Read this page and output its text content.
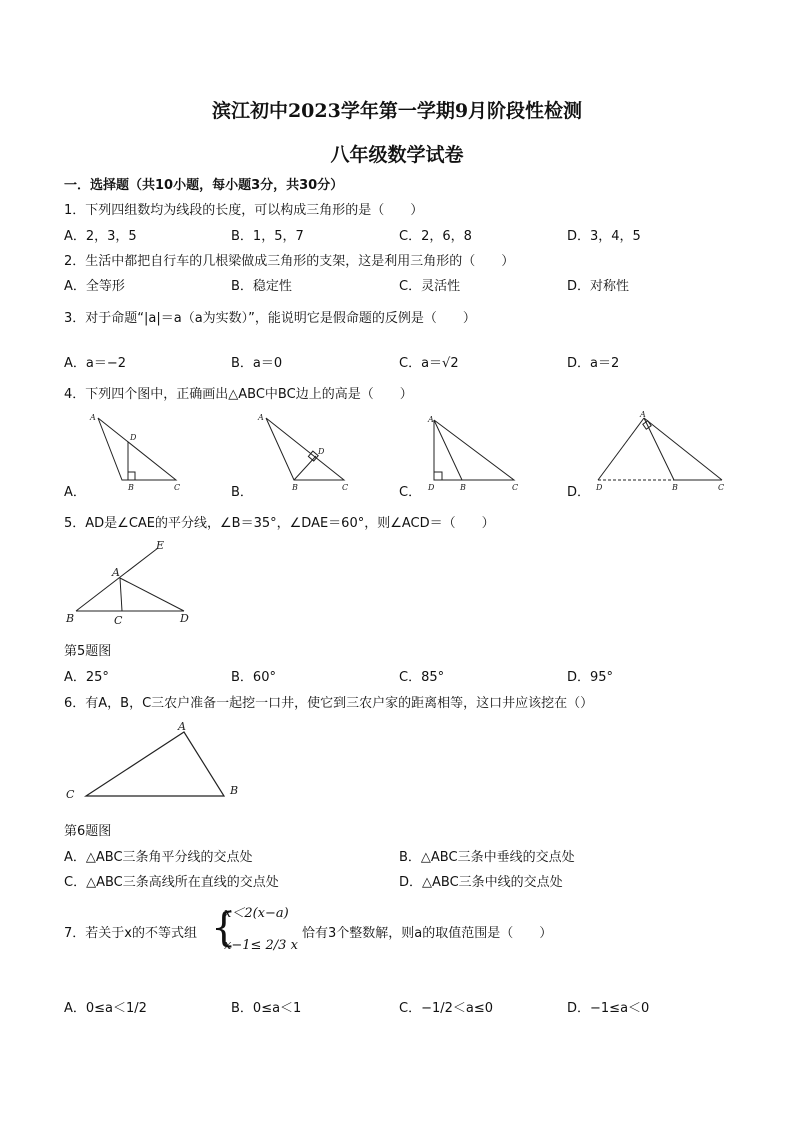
滨江初中2023学年第一学期9月阶段性检测
八年级数学试卷
一．选择题（共10小题，每小题3分，共30分）
1．下列四组数均为线段的长度，可以构成三角形的是（　　）
A．2，3，5	B．1，5，7	C．2，6，8	D．3，4，5
2．生活中都把自行车的几根梁做成三角形的支架，这是利用三角形的（　　）
A．全等形	B．稳定性	C．灵活性	D．对称性
3．对于命题“|a|＝a（a为实数）”，能说明它是假命题的反例是（　　）
A．a＝−2	B．a＝0	C．a＝√2	D．a＝2
4．下列四个图中，正确画出△ABC中BC边上的高是（　　）
A．	B．	C．	D．
A
B	C
D
A
B	C
D
A
D	B	C
A
D	B	C
5．AD是∠CAE的平分线，∠B＝35°，∠DAE＝60°，则∠ACD＝（　　）
E
A
B	C	D
第5题图
A．25°	B．60°	C．85°	D．95°
6．有A，B，C三农户准备一起挖一口井，使它到三农户家的距离相等，这口井应该挖在（）
A
C	B
第6题图
A．△ABC三条角平分线的交点处	B．△ABC三条中垂线的交点处
C．△ABC三条高线所在直线的交点处	D．△ABC三条中线的交点处
7．若关于x的不等式组 {
x＜2(x−a)
x−1≤ 2/3 x
恰有3个整数解，则a的取值范围是（　　）
A．0≤a＜1/2	B．0≤a＜1	C．−1/2＜a≤0	D．−1≤a＜0
